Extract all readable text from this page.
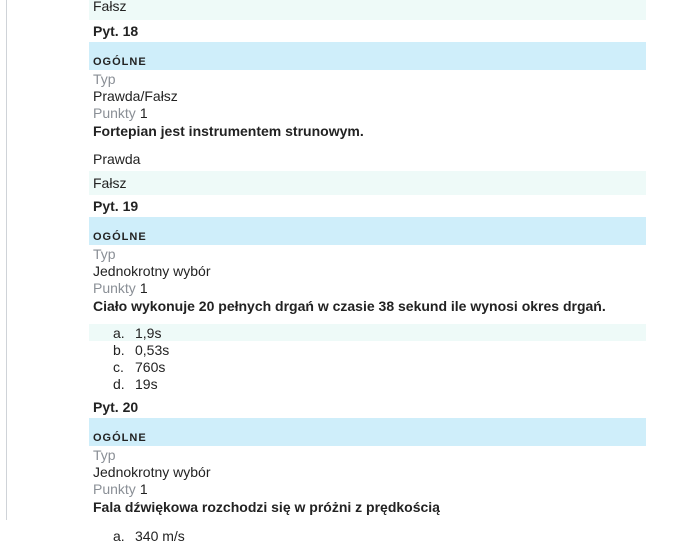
Fałsz
Pyt. 18
OGÓLNE
Typ
Prawda/Fałsz
Punkty 1
Fortepian jest instrumentem strunowym.
Prawda
Fałsz
Pyt. 19
OGÓLNE
Typ
Jednokrotny wybór
Punkty 1
Ciało wykonuje 20 pełnych drgań w czasie 38 sekund ile wynosi okres drgań.
a. 1,9s
b. 0,53s
c. 760s
d. 19s
Pyt. 20
OGÓLNE
Typ
Jednokrotny wybór
Punkty 1
Fala dźwiękowa rozchodzi się w próżni z prędkością
a. 340 m/s
